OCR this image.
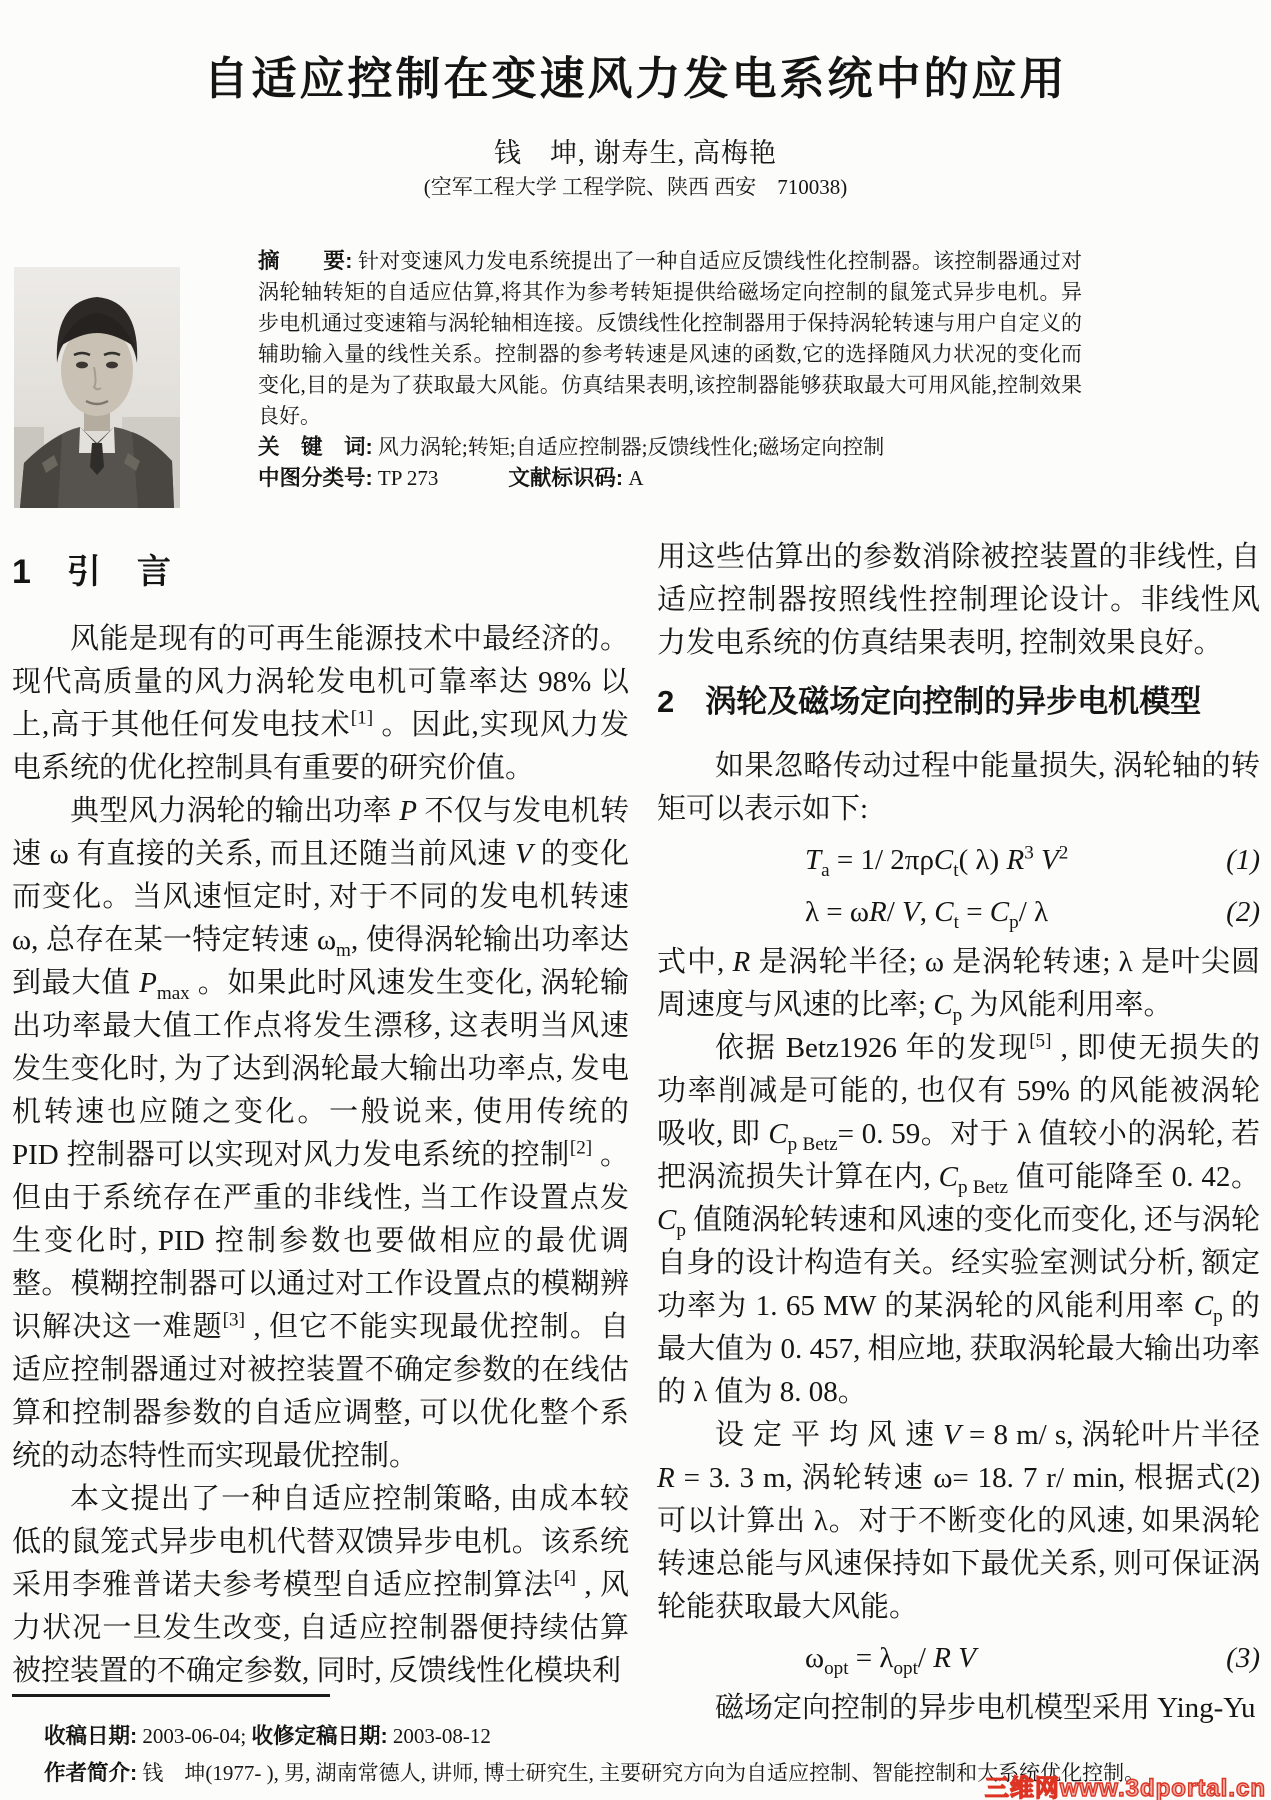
自适应控制在变速风力发电系统中的应用
钱　坤, 谢寿生, 高梅艳
(空军工程大学 工程学院、陕西 西安　710038)

摘　　要: 针对变速风力发电系统提出了一种自适应反馈线性化控制器。该控制器通过对涡轮轴转矩的自适应估算,将其作为参考转矩提供给磁场定向控制的鼠笼式异步电机。异步电机通过变速箱与涡轮轴相连接。反馈线性化控制器用于保持涡轮转速与用户自定义的辅助输入量的线性关系。控制器的参考转速是风速的函数,它的选择随风力状况的变化而变化,目的是为了获取最大风能。仿真结果表明,该控制器能够获取最大可用风能,控制效果良好。

关　键　词: 风力涡轮;转矩;自适应控制器;反馈线性化;磁场定向控制

中图分类号: TP 273	文献标识码: A

1　引　言

风能是现有的可再生能源技术中最经济的。现代高质量的风力涡轮发电机可靠率达 98% 以上,高于其他任何发电技术[1] 。因此,实现风力发电系统的优化控制具有重要的研究价值。

典型风力涡轮的输出功率 P 不仅与发电机转速 ω 有直接的关系, 而且还随当前风速 V 的变化而变化。当风速恒定时, 对于不同的发电机转速 ω, 总存在某一特定转速 $\omega_m$, 使得涡轮输出功率达到最大值 $P_{max}$ 。如果此时风速发生变化, 涡轮输出功率最大值工作点将发生漂移, 这表明当风速发生变化时, 为了达到涡轮最大输出功率点, 发电机转速也应随之变化。一般说来, 使用传统的 PID 控制器可以实现对风力发电系统的控制[2] 。但由于系统存在严重的非线性, 当工作设置点发生变化时, PID 控制参数也要做相应的最优调整。模糊控制器可以通过对工作设置点的模糊辨识解决这一难题[3] , 但它不能实现最优控制。自适应控制器通过对被控装置不确定参数的在线估算和控制器参数的自适应调整, 可以优化整个系统的动态特性而实现最优控制。

本文提出了一种自适应控制策略, 由成本较低的鼠笼式异步电机代替双馈异步电机。该系统采用李雅普诺夫参考模型自适应控制算法[4] , 风力状况一旦发生改变, 自适应控制器便持续估算被控装置的不确定参数, 同时, 反馈线性化模块利

用这些估算出的参数消除被控装置的非线性, 自适应控制器按照线性控制理论设计。非线性风力发电系统的仿真结果表明, 控制效果良好。

2　涡轮及磁场定向控制的异步电机模型

如果忽略传动过程中能量损失, 涡轮轴的转矩可以表示如下:

$T_a = 1/$ 2πρC$_t$( λ) $R^3$ $V^2$	(1)
λ = ωR/ V, $C_t = C_p/$ λ	(2)

式中, R 是涡轮半径; ω 是涡轮转速; λ 是叶尖圆周速度与风速的比率; $C_p$ 为风能利用率。

依据 Betz1926 年的发现[5] , 即使无损失的功率削减是可能的, 也仅有 59% 的风能被涡轮吸收, 即 $C_{p Betz}= 0$. 59。对于 λ 值较小的涡轮, 若把涡流损失计算在内, $C_{p Betz}$ 值可能降至 0. 42。$C_p$ 值随涡轮转速和风速的变化而变化, 还与涡轮自身的设计构造有关。经实验室测试分析, 额定功率为 1. 65 MW 的某涡轮的风能利用率 $C_p$ 的最大值为 0. 457, 相应地, 获取涡轮最大输出功率的 λ 值为 8. 08。

设 定 平 均 风 速 V = 8 m/ s, 涡轮叶片半径 R = 3. 3 m, 涡轮转速 ω= 18. 7 r/ min, 根据式(2) 可以计算出 λ。对于不断变化的风速, 如果涡轮转速总能与风速保持如下最优关系, 则可保证涡轮能获取最大风能。

$\omega_{opt} = \lambda_{opt}/$ R V	(3)

磁场定向控制的异步电机模型采用 Ying-Yu

收稿日期: 2003-06-04; 收修定稿日期: 2003-08-12

作者简介: 钱　坤(1977- ), 男, 湖南常德人, 讲师, 博士研究生, 主要研究方向为自适应控制、智能控制和大系统优化控制。

三维网www.3dportal.cn
